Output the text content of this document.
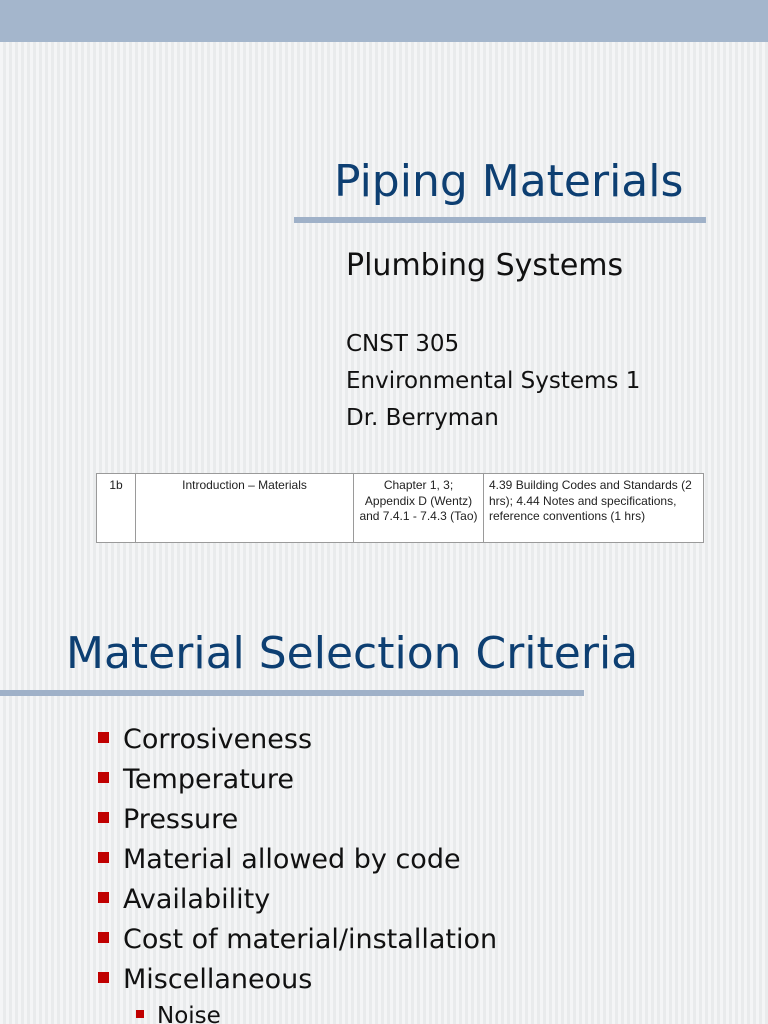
Piping Materials
Plumbing Systems
CNST 305
Environmental Systems 1
Dr. Berryman
1b	Introduction – Materials	Chapter 1, 3; Appendix D (Wentz) and 7.4.1 - 7.4.3 (Tao)	4.39 Building Codes and Standards (2 hrs); 4.44 Notes and specifications, reference conventions (1 hrs)
Material Selection Criteria
Corrosiveness
Temperature
Pressure
Material allowed by code
Availability
Cost of material/installation
Miscellaneous
Noise
